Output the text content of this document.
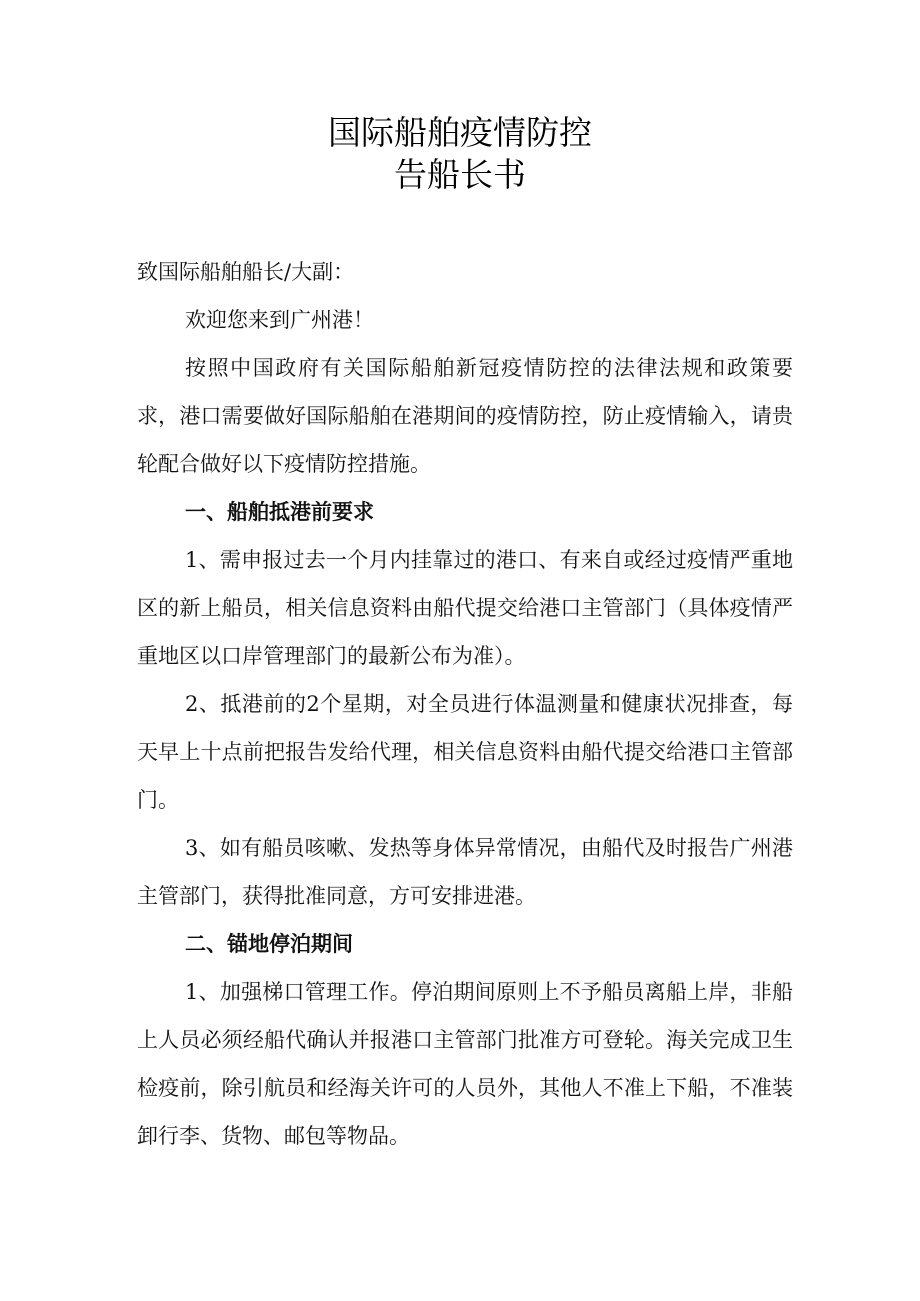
国际船舶疫情防控
告船长书

致国际船舶船长/大副：

欢迎您来到广州港！

按照中国政府有关国际船舶新冠疫情防控的法律法规和政策要求，港口需要做好国际船舶在港期间的疫情防控，防止疫情输入，请贵轮配合做好以下疫情防控措施。

一、船舶抵港前要求

1、需申报过去一个月内挂靠过的港口、有来自或经过疫情严重地区的新上船员，相关信息资料由船代提交给港口主管部门（具体疫情严重地区以口岸管理部门的最新公布为准）。

2、抵港前的2个星期，对全员进行体温测量和健康状况排查，每天早上十点前把报告发给代理，相关信息资料由船代提交给港口主管部门。

3、如有船员咳嗽、发热等身体异常情况，由船代及时报告广州港主管部门，获得批准同意，方可安排进港。

二、锚地停泊期间

1、加强梯口管理工作。停泊期间原则上不予船员离船上岸，非船上人员必须经船代确认并报港口主管部门批准方可登轮。海关完成卫生检疫前，除引航员和经海关许可的人员外，其他人不准上下船，不准装卸行李、货物、邮包等物品。
